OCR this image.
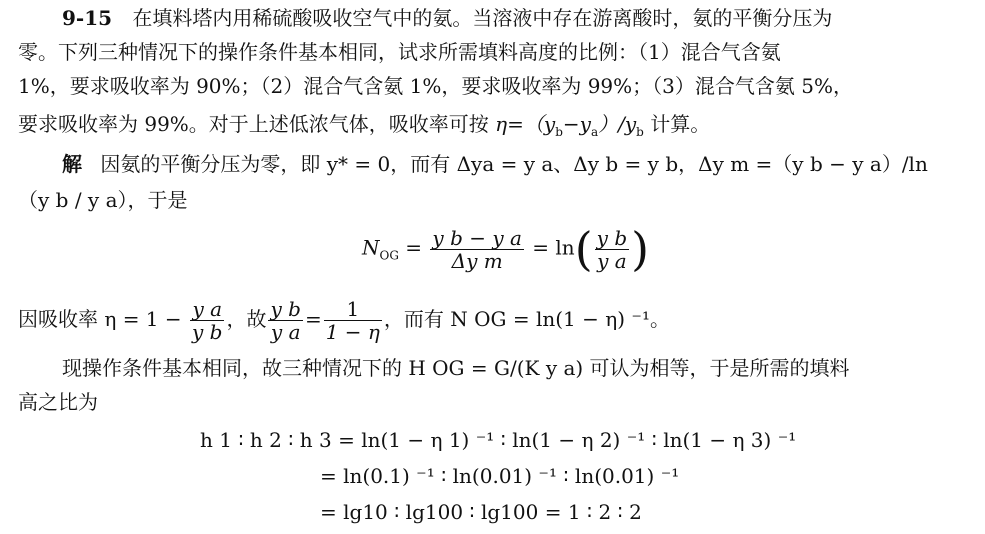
9-15 在填料塔内用稀硫酸吸收空气中的氨。当溶液中存在游离酸时，氨的平衡分压为
零。下列三种情况下的操作条件基本相同，试求所需填料高度的比例：（1）混合气含氨
1%，要求吸收率为 90%；（2）混合气含氨 1%，要求吸收率为 99%；（3）混合气含氨 5%，
要求吸收率为 99%。对于上述低浓气体，吸收率可按 $\eta=(y_b-y_a)/y_b$ 计算。
解 因氨的平衡分压为零，即 y* = 0，而有 Δya = y a、Δy b = y b，Δy m =（y b − y a）/ln
（y b / y a），于是
$N_{OG} = \frac{\text{y b − y a}}{\text{Δy m}} = \ln( \frac{\text{y b}}{\text{y a}}$ )
因吸收率 $\eta = 1 - \frac{\text{y a}}{\text{y b}}$ ，故 $\frac{\text{y b}}{\text{y a}} = \frac{1}{1 - \eta}$ ，而有 N OG = ln(1 − η) ⁻¹。
现操作条件基本相同，故三种情况下的 H OG = G/(K y a) 可认为相等，于是所需的填料
高之比为
h 1 ∶ h 2 ∶ h 3 = ln(1 − η 1) ⁻¹ ∶ ln(1 − η 2) ⁻¹ ∶ ln(1 − η 3) ⁻¹
= ln(0.1) ⁻¹ ∶ ln(0.01) ⁻¹ ∶ ln(0.01) ⁻¹
= lg10 ∶ lg100 ∶ lg100 = 1 ∶ 2 ∶ 2
